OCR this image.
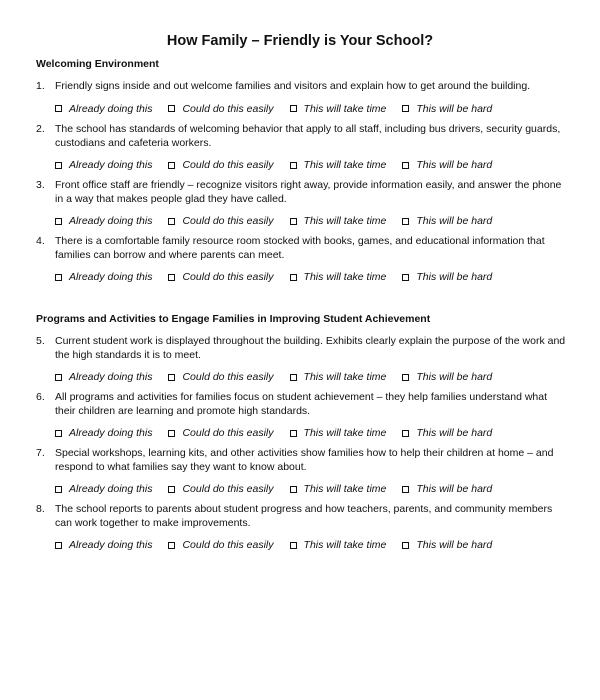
How Family – Friendly is Your School?
Welcoming Environment
1. Friendly signs inside and out welcome families and visitors and explain how to get around the building.
Already doing this	Could do this easily	This will take time	This will be hard
2. The school has standards of welcoming behavior that apply to all staff, including bus drivers, security guards, custodians and cafeteria workers.
Already doing this	Could do this easily	This will take time	This will be hard
3. Front office staff are friendly – recognize visitors right away, provide information easily, and answer the phone in a way that makes people glad they have called.
Already doing this	Could do this easily	This will take time	This will be hard
4. There is a comfortable family resource room stocked with books, games, and educational information that families can borrow and where parents can meet.
Already doing this	Could do this easily	This will take time	This will be hard
Programs and Activities to Engage Families in Improving Student Achievement
5. Current student work is displayed throughout the building. Exhibits clearly explain the purpose of the work and the high standards it is to meet.
Already doing this	Could do this easily	This will take time	This will be hard
6. All programs and activities for families focus on student achievement – they help families understand what their children are learning and promote high standards.
Already doing this	Could do this easily	This will take time	This will be hard
7. Special workshops, learning kits, and other activities show families how to help their children at home – and respond to what families say they want to know about.
Already doing this	Could do this easily	This will take time	This will be hard
8. The school reports to parents about student progress and how teachers, parents, and community members can work together to make improvements.
Already doing this	Could do this easily	This will take time	This will be hard
